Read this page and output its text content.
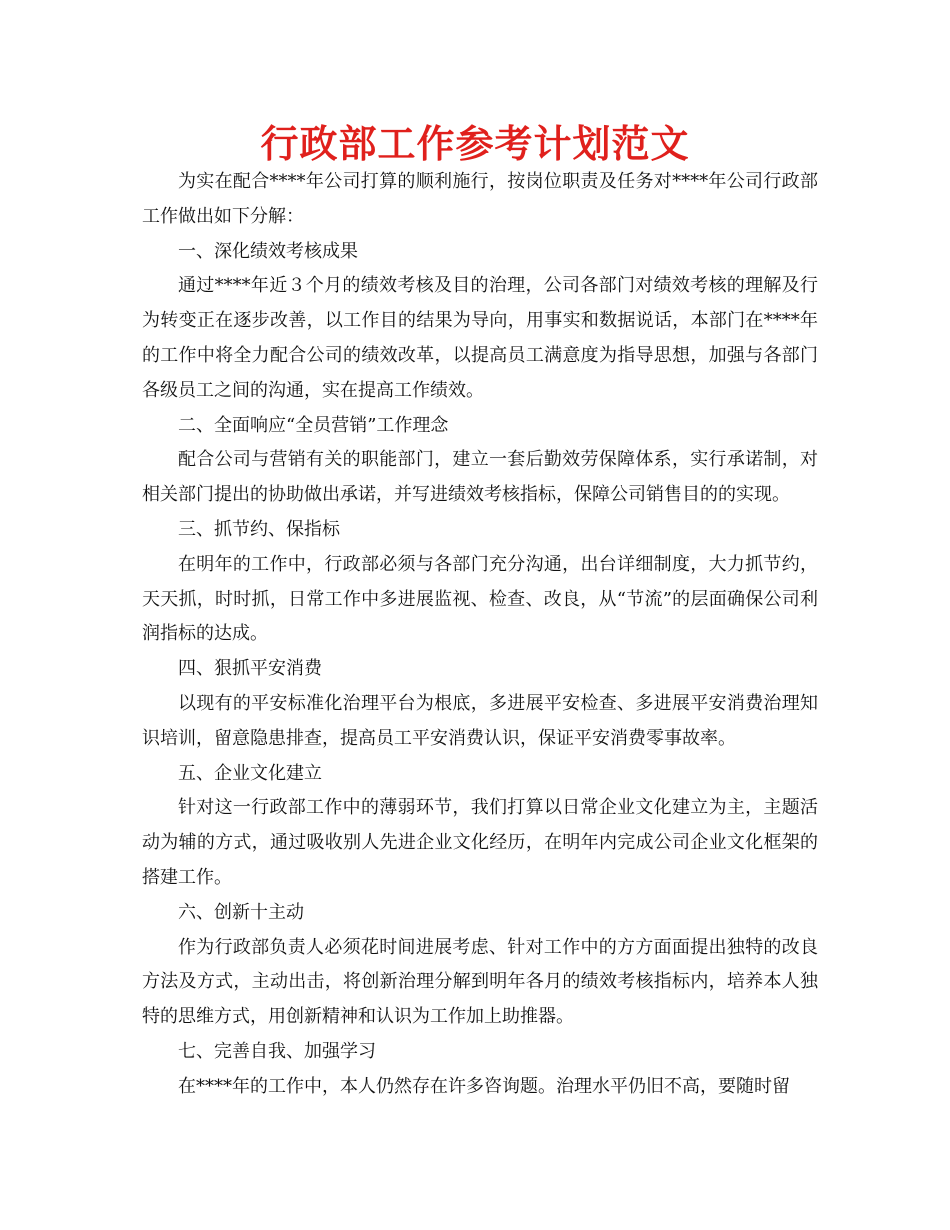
行政部工作参考计划范文

为实在配合****年公司打算的顺利施行，按岗位职责及任务对****年公司行政部工作做出如下分解：

一、深化绩效考核成果

通过****年近３个月的绩效考核及目的治理，公司各部门对绩效考核的理解及行为转变正在逐步改善，以工作目的结果为导向，用事实和数据说话，本部门在****年的工作中将全力配合公司的绩效改革，以提高员工满意度为指导思想，加强与各部门各级员工之间的沟通，实在提高工作绩效。

二、全面响应“全员营销”工作理念

配合公司与营销有关的职能部门，建立一套后勤效劳保障体系，实行承诺制，对相关部门提出的协助做出承诺，并写进绩效考核指标，保障公司销售目的的实现。

三、抓节约、保指标

在明年的工作中，行政部必须与各部门充分沟通，出台详细制度，大力抓节约，天天抓，时时抓，日常工作中多进展监视、检查、改良，从“节流”的层面确保公司利润指标的达成。

四、狠抓平安消费

以现有的平安标准化治理平台为根底，多进展平安检查、多进展平安消费治理知识培训，留意隐患排查，提高员工平安消费认识，保证平安消费零事故率。

五、企业文化建立

针对这一行政部工作中的薄弱环节，我们打算以日常企业文化建立为主，主题活动为辅的方式，通过吸收别人先进企业文化经历，在明年内完成公司企业文化框架的搭建工作。

六、创新十主动

作为行政部负责人必须花时间进展考虑、针对工作中的方方面面提出独特的改良方法及方式，主动出击，将创新治理分解到明年各月的绩效考核指标内，培养本人独特的思维方式，用创新精神和认识为工作加上助推器。

七、完善自我、加强学习

在****年的工作中，本人仍然存在许多咨询题。治理水平仍旧不高，要随时留
